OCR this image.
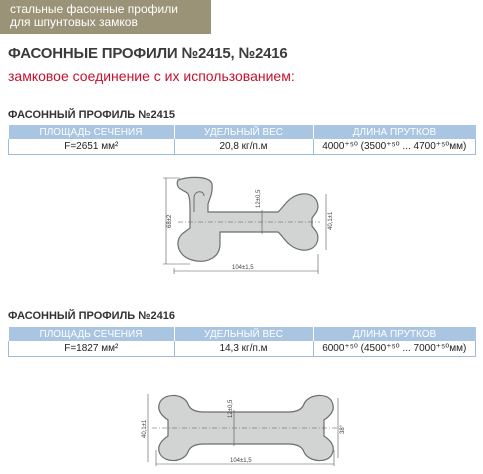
стальные фасонные профили
для шпунтовых замков
ФАСОННЫЕ ПРОФИЛИ №2415, №2416
замковое соединение с их использованием:
ФАСОННЫЙ ПРОФИЛЬ №2415
ПЛОЩАДЬ СЕЧЕНИЯ	УДЕЛЬНЫЙ ВЕС	ДЛИНА ПРУТКОВ
F=2651 мм²	20,8 кг/п.м	4000⁺⁵⁰ (3500⁺⁵⁰ ... 4700⁺⁵⁰мм)
68±2
12±0,5
40,1±1
104±1,5
ФАСОННЫЙ ПРОФИЛЬ №2416
ПЛОЩАДЬ СЕЧЕНИЯ	УДЕЛЬНЫЙ ВЕС	ДЛИНА ПРУТКОВ
F=1827 мм²	14,3 кг/п.м	6000⁺⁵⁰ (4500⁺⁵⁰ ... 7000⁺⁵⁰мм)
40,1±1
12±0,5
38°
104±1,5
